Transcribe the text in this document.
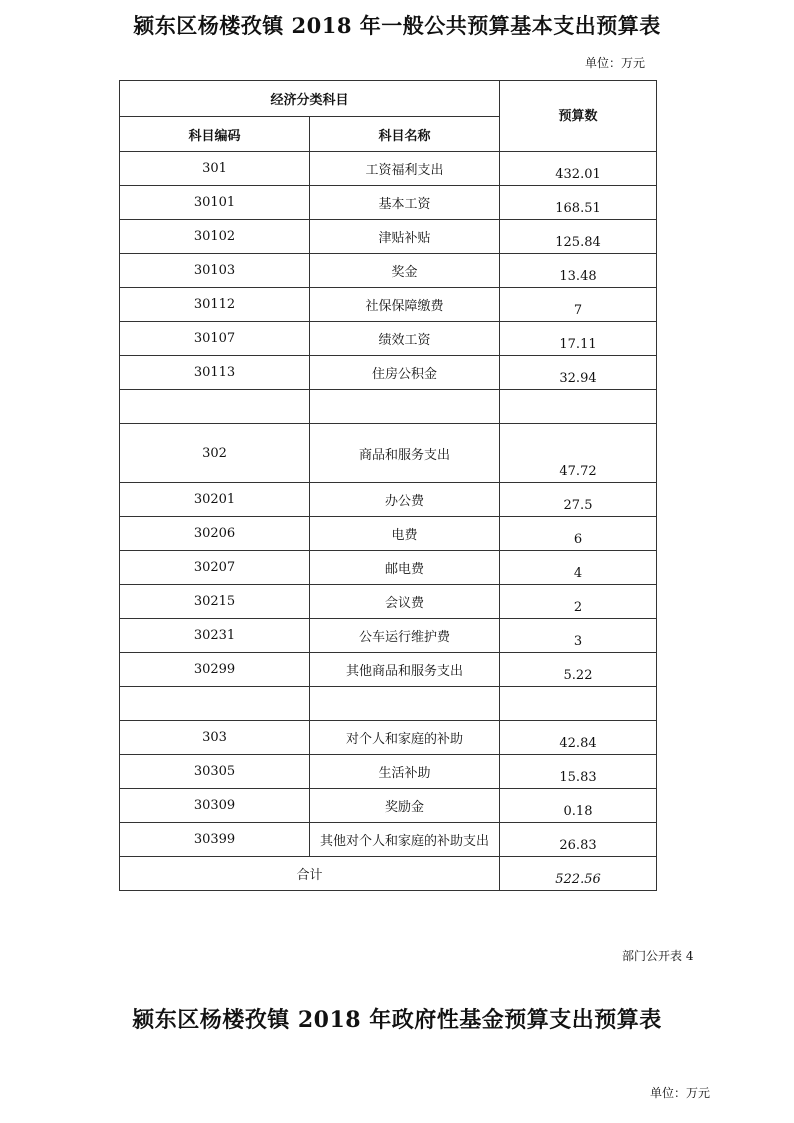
颍东区杨楼孜镇 2018 年一般公共预算基本支出预算表
单位：万元
经济分类科目		预算数
科目编码	科目名称	
301	工资福利支出	432.01
30101	基本工资	168.51
30102	津贴补贴	125.84
30103	奖金	13.48
30112	社保保障缴费	7
30107	绩效工资	17.11
30113	住房公积金	32.94

302	商品和服务支出	47.72
30201	办公费	27.5
30206	电费	6
30207	邮电费	4
30215	会议费	2
30231	公车运行维护费	3
30299	其他商品和服务支出	5.22

303	对个人和家庭的补助	42.84
30305	生活补助	15.83
30309	奖励金	0.18
30399	其他对个人和家庭的补助支出	26.83
合计		522.56
部门公开表 4
颍东区杨楼孜镇 2018 年政府性基金预算支出预算表
单位：万元
